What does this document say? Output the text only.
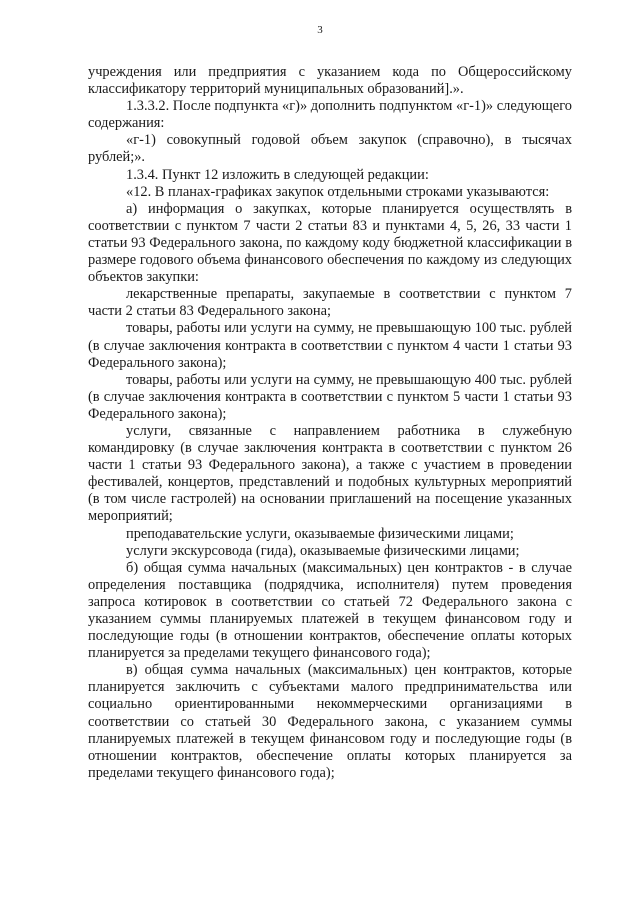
3

учреждения или предприятия с указанием кода по Общероссийскому классификатору территорий муниципальных образований].».

1.3.3.2. После подпункта «г)» дополнить подпунктом «г-1)» следующего содержания:

«г-1) совокупный годовой объем закупок (справочно), в тысячах рублей;».

1.3.4. Пункт 12 изложить в следующей редакции:

«12. В планах-графиках закупок отдельными строками указываются:

а) информация о закупках, которые планируется осуществлять в соответствии с пунктом 7 части 2 статьи 83 и пунктами 4, 5, 26, 33 части 1 статьи 93 Федерального закона, по каждому коду бюджетной классификации в размере годового объема финансового обеспечения по каждому из следующих объектов закупки:

лекарственные препараты, закупаемые в соответствии с пунктом 7 части 2 статьи 83 Федерального закона;

товары, работы или услуги на сумму, не превышающую 100 тыс. рублей (в случае заключения контракта в соответствии с пунктом 4 части 1 статьи 93 Федерального закона);

товары, работы или услуги на сумму, не превышающую 400 тыс. рублей (в случае заключения контракта в соответствии с пунктом 5 части 1 статьи 93 Федерального закона);

услуги, связанные с направлением работника в служебную командировку (в случае заключения контракта в соответствии с пунктом 26 части 1 статьи 93 Федерального закона), а также с участием в проведении фестивалей, концертов, представлений и подобных культурных мероприятий (в том числе гастролей) на основании приглашений на посещение указанных мероприятий;

преподавательские услуги, оказываемые физическими лицами;

услуги экскурсовода (гида), оказываемые физическими лицами;

б) общая сумма начальных (максимальных) цен контрактов - в случае определения поставщика (подрядчика, исполнителя) путем проведения запроса котировок в соответствии со статьей 72 Федерального закона с указанием суммы планируемых платежей в текущем финансовом году и последующие годы (в отношении контрактов, обеспечение оплаты которых планируется за пределами текущего финансового года);

в) общая сумма начальных (максимальных) цен контрактов, которые планируется заключить с субъектами малого предпринимательства или социально ориентированными некоммерческими организациями в соответствии со статьей 30 Федерального закона, с указанием суммы планируемых платежей в текущем финансовом году и последующие годы (в отношении контрактов, обеспечение оплаты которых планируется за пределами текущего финансового года);
